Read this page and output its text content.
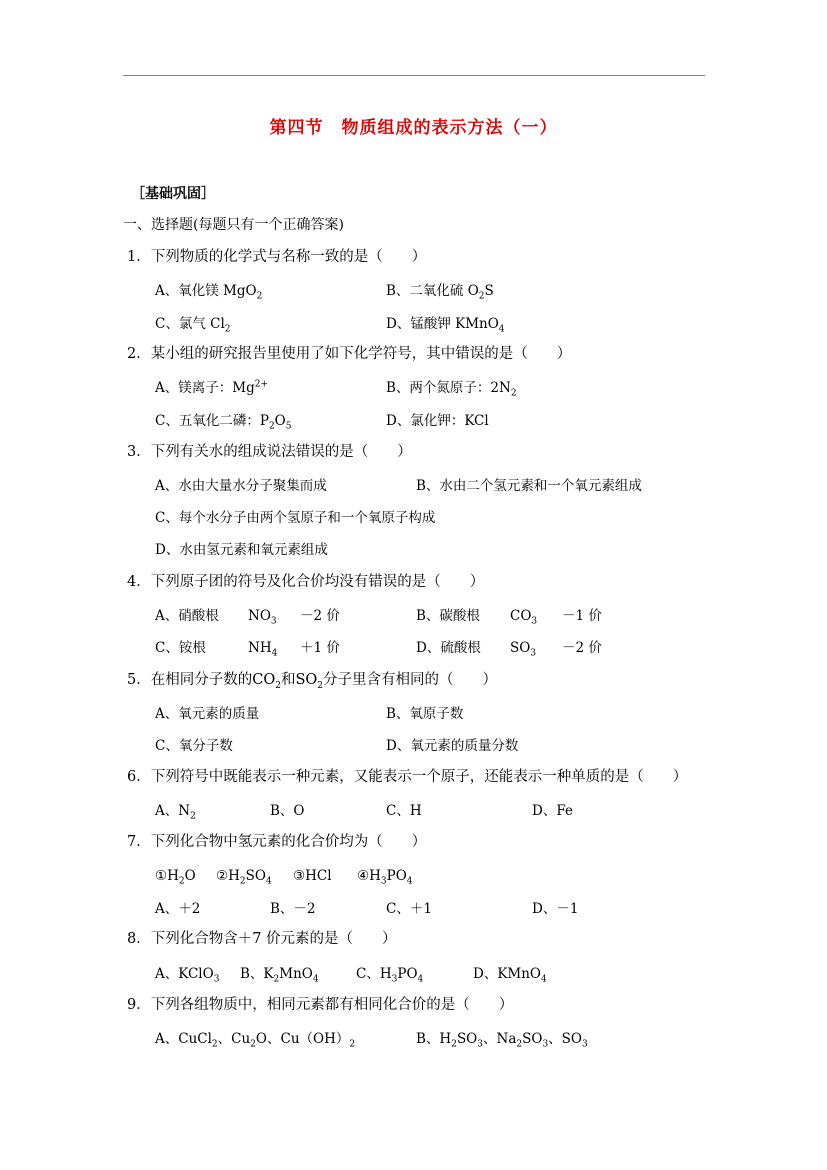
第四节　物质组成的表示方法（一）
［基础巩固］
一、选择题(每题只有一个正确答案)
1．下列物质的化学式与名称一致的是（　　）
A、氧化镁 MgO$_2$	B、二氧化硫 $O_2S$
C、氯气 $Cl_2$	D、锰酸钾 KMnO$_4$
2．某小组的研究报告里使用了如下化学符号，其中错误的是（　　）
A、镁离子：$Mg^{2+}$	B、两个氮原子：$2N_2$
C、五氧化二磷：$P_2O_5$	D、氯化钾：KCl
3．下列有关水的组成说法错误的是（　　）
A、水由大量水分子聚集而成	B、水由二个氢元素和一个氧元素组成
C、每个水分子由两个氢原子和一个氧原子构成
D、水由氢元素和氧元素组成
4．下列原子团的符号及化合价均没有错误的是（　　）
A、硝酸根 $NO_3 -2$ 价	B、碳酸根 $CO_3 -1$ 价
C、铵根	$NH_4 +1$ 价	D、硫酸根 $SO_3 -2$ 价
5．在相同分子数的$CO_2$和$SO_2$分子里含有相同的（　　）
A、氧元素的质量	B、氧原子数
C、氧分子数	D、氧元素的质量分数
6．下列符号中既能表示一种元素，又能表示一个原子，还能表示一种单质的是（　　）
A、$N_2$	B、O	C、H	D、Fe
7．下列化合物中氢元素的化合价均为（　　）
$①H_2O$ $②H_2SO_4$ ③HCl $④H_3PO_4$
A、＋2	B、－2	C、＋1	D、－1
8．下列化合物含＋7 价元素的是（　　）
A、KClO$_3$ B、$K_2MnO_4$	C、$H_3PO_4$	D、KMnO$_4$
9．下列各组物质中，相同元素都有相同化合价的是（　　）
A、CuCl$_2$、$Cu_2O$、$Cu(OH)_2$	B、$H_2SO_3$、$Na_2SO_3$、$SO_3$
